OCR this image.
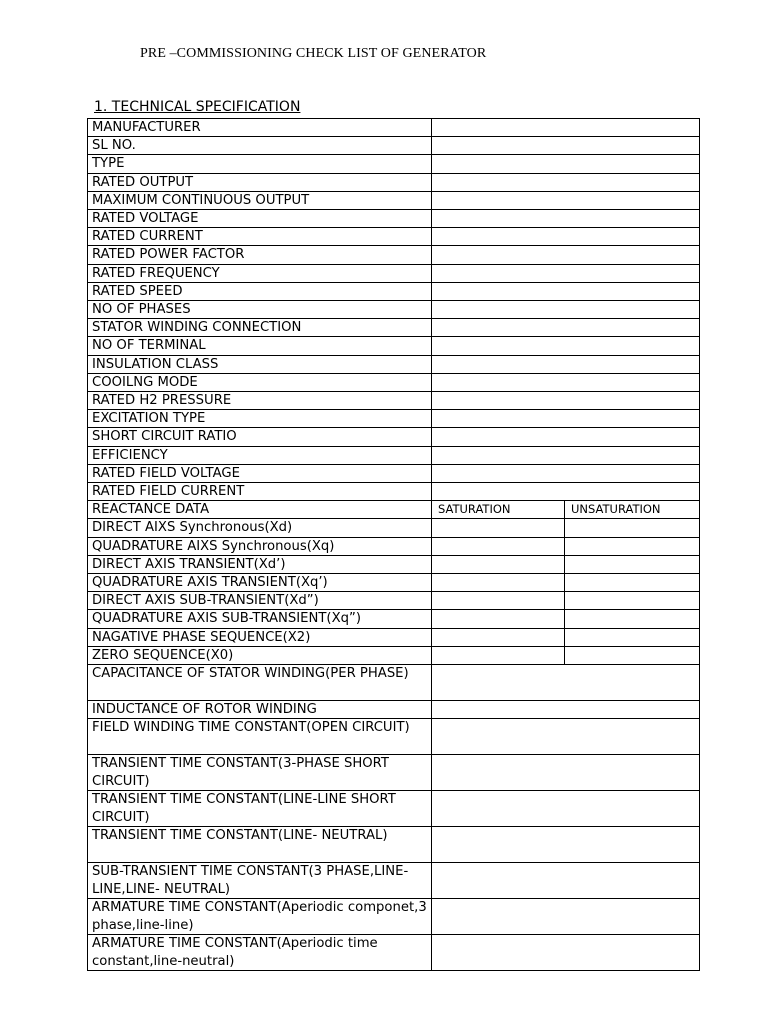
PRE –COMMISSIONING CHECK LIST OF GENERATOR
1. TECHNICAL SPECIFICATION
MANUFACTURER		
SL NO.		
TYPE		
RATED OUTPUT		
MAXIMUM CONTINUOUS OUTPUT		
RATED VOLTAGE		
RATED CURRENT		
RATED POWER FACTOR		
RATED FREQUENCY		
RATED SPEED		
NO OF PHASES		
STATOR WINDING CONNECTION		
NO OF TERMINAL		
INSULATION CLASS		
COOILNG MODE		
RATED H2 PRESSURE		
EXCITATION TYPE		
SHORT CIRCUIT RATIO		
EFFICIENCY		
RATED FIELD VOLTAGE		
RATED FIELD CURRENT		
REACTANCE DATA	SATURATION	UNSATURATION
DIRECT AIXS Synchronous(Xd)		
QUADRATURE AIXS Synchronous(Xq)		
DIRECT AXIS TRANSIENT(Xd’)		
QUADRATURE AXIS TRANSIENT(Xq’)		
DIRECT AXIS SUB-TRANSIENT(Xd”)		
QUADRATURE AXIS SUB-TRANSIENT(Xq”)		
NAGATIVE PHASE SEQUENCE(X2)		
ZERO SEQUENCE(X0)		
CAPACITANCE OF STATOR WINDING(PER PHASE)		
INDUCTANCE OF ROTOR WINDING		
FIELD WINDING TIME CONSTANT(OPEN CIRCUIT)		
TRANSIENT TIME CONSTANT(3-PHASE SHORT CIRCUIT)		
TRANSIENT TIME CONSTANT(LINE-LINE SHORT CIRCUIT)		
TRANSIENT TIME CONSTANT(LINE- NEUTRAL)		
SUB-TRANSIENT TIME CONSTANT(3 PHASE,LINE-LINE,LINE- NEUTRAL)		
ARMATURE TIME CONSTANT(Aperiodic componet,3 phase,line-line)		
ARMATURE TIME CONSTANT(Aperiodic time constant,line-neutral)		
